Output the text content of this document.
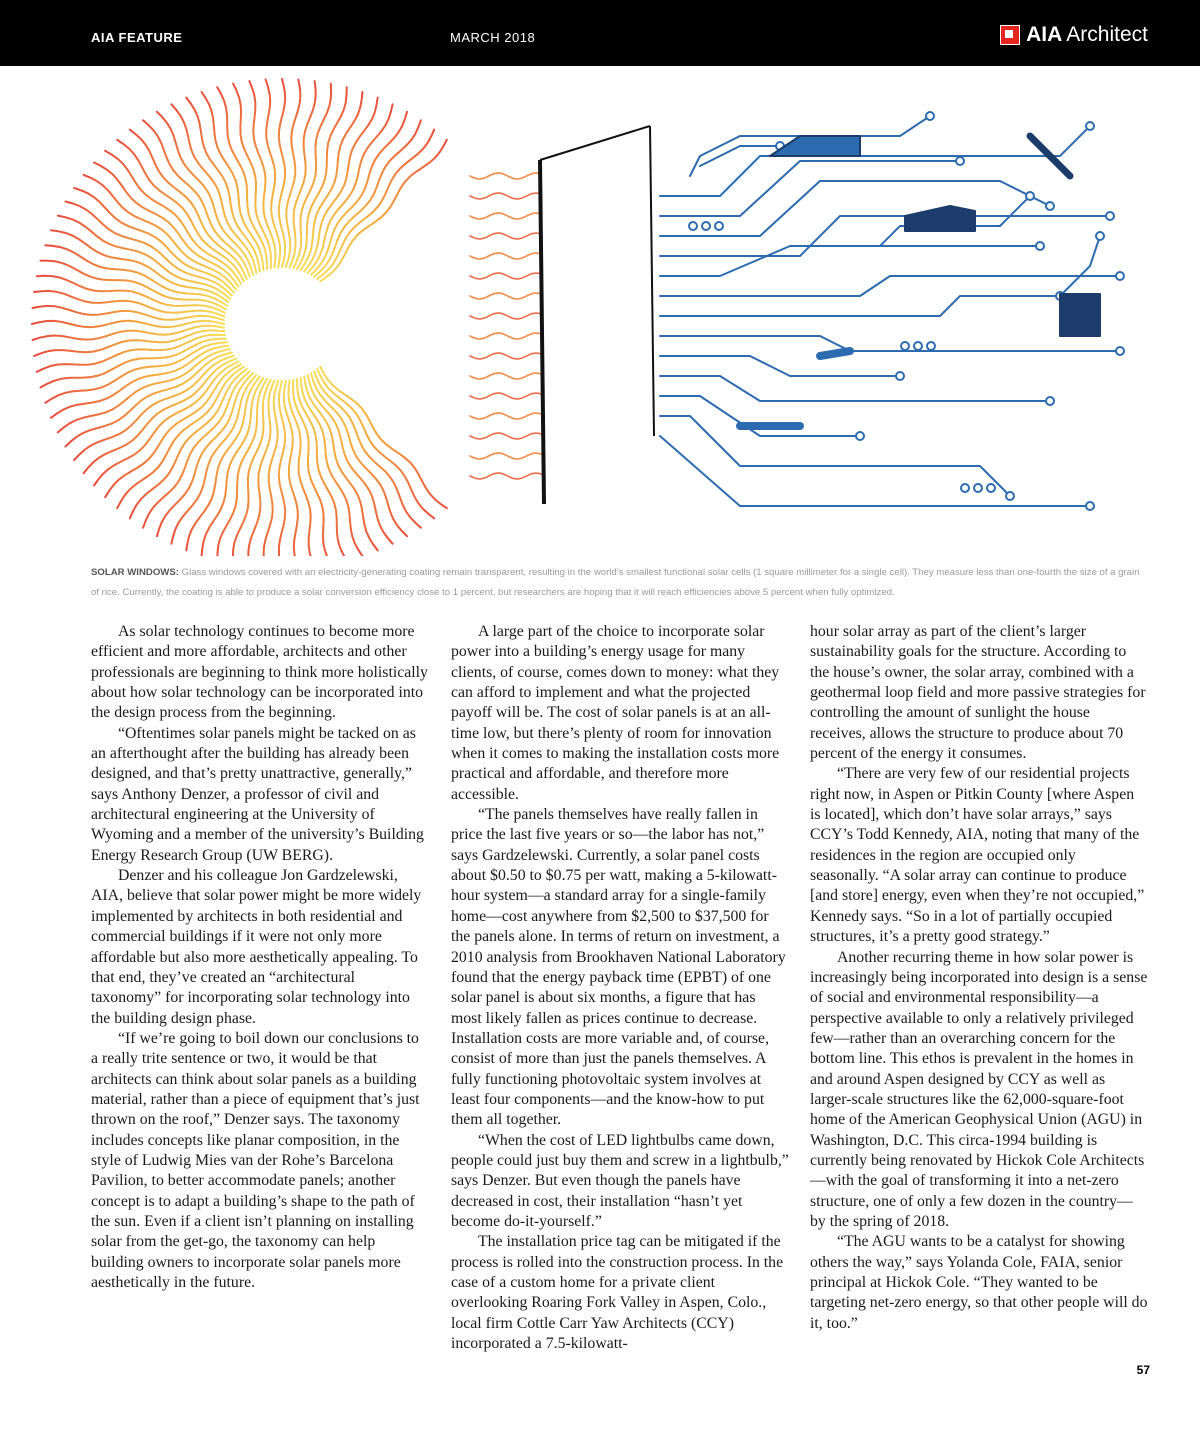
AIA FEATURE	MARCH 2018	AIA Architect
SOLAR WINDOWS: Glass windows covered with an electricity-generating coating remain transparent, resulting in the world’s smallest functional solar cells (1 square millimeter for a single cell). They measure less than one-fourth the size of a grain of rice. Currently, the coating is able to produce a solar conversion efficiency close to 1 percent, but researchers are hoping that it will reach efficiencies above 5 percent when fully optimized.

As solar technology continues to become more efficient and more affordable, architects and other professionals are beginning to think more holistically about how solar technology can be incorporated into the design process from the beginning.

“Oftentimes solar panels might be tacked on as an afterthought after the building has already been designed, and that’s pretty unattractive, generally,” says Anthony Denzer, a professor of civil and architectural engineering at the University of Wyoming and a member of the university’s Building Energy Research Group (UW BERG).

Denzer and his colleague Jon Gardzelewski, AIA, believe that solar power might be more widely implemented by architects in both residential and commercial buildings if it were not only more affordable but also more aesthetically appealing. To that end, they’ve created an “architectural taxonomy” for incorporating solar technology into the building design phase.

“If we’re going to boil down our conclusions to a really trite sentence or two, it would be that architects can think about solar panels as a building material, rather than a piece of equipment that’s just thrown on the roof,” Denzer says. The taxonomy includes concepts like planar composition, in the style of Ludwig Mies van der Rohe’s Barcelona Pavilion, to better accommodate panels; another concept is to adapt a building’s shape to the path of the sun. Even if a client isn’t planning on installing solar from the get-go, the taxonomy can help building owners to incorporate solar panels more aesthetically in the future.

A large part of the choice to incorporate solar power into a building’s energy usage for many clients, of course, comes down to money: what they can afford to implement and what the projected payoff will be. The cost of solar panels is at an all-time low, but there’s plenty of room for innovation when it comes to making the installation costs more practical and affordable, and therefore more accessible.

“The panels themselves have really fallen in price the last five years or so—the labor has not,” says Gardzelewski. Currently, a solar panel costs about $0.50 to $0.75 per watt, making a 5-kilowatt-hour system—a standard array for a single-family home—cost anywhere from $2,500 to $37,500 for the panels alone. In terms of return on investment, a 2010 analysis from Brookhaven National Laboratory found that the energy payback time (EPBT) of one solar panel is about six months, a figure that has most likely fallen as prices continue to decrease. Installation costs are more variable and, of course, consist of more than just the panels themselves. A fully functioning photovoltaic system involves at least four components—and the know-how to put them all together.

“When the cost of LED lightbulbs came down, people could just buy them and screw in a lightbulb,” says Denzer. But even though the panels have decreased in cost, their installation “hasn’t yet become do-it-yourself.”

The installation price tag can be mitigated if the process is rolled into the construction process. In the case of a custom home for a private client overlooking Roaring Fork Valley in Aspen, Colo., local firm Cottle Carr Yaw Architects (CCY) incorporated a 7.5-kilowatt-

hour solar array as part of the client’s larger sustainability goals for the structure. According to the house’s owner, the solar array, combined with a geothermal loop field and more passive strategies for controlling the amount of sunlight the house receives, allows the structure to produce about 70 percent of the energy it consumes.

“There are very few of our residential projects right now, in Aspen or Pitkin County [where Aspen is located], which don’t have solar arrays,” says CCY’s Todd Kennedy, AIA, noting that many of the residences in the region are occupied only seasonally. “A solar array can continue to produce [and store] energy, even when they’re not occupied,” Kennedy says. “So in a lot of partially occupied structures, it’s a pretty good strategy.”

Another recurring theme in how solar power is increasingly being incorporated into design is a sense of social and environmental responsibility—a perspective available to only a relatively privileged few—rather than an overarching concern for the bottom line. This ethos is prevalent in the homes in and around Aspen designed by CCY as well as larger-scale structures like the 62,000-square-foot home of the American Geophysical Union (AGU) in Washington, D.C. This circa-1994 building is currently being renovated by Hickok Cole Architects—with the goal of transforming it into a net-zero structure, one of only a few dozen in the country—by the spring of 2018.

“The AGU wants to be a catalyst for showing others the way,” says Yolanda Cole, FAIA, senior principal at Hickok Cole. “They wanted to be targeting net-zero energy, so that other people will do it, too.”

57
